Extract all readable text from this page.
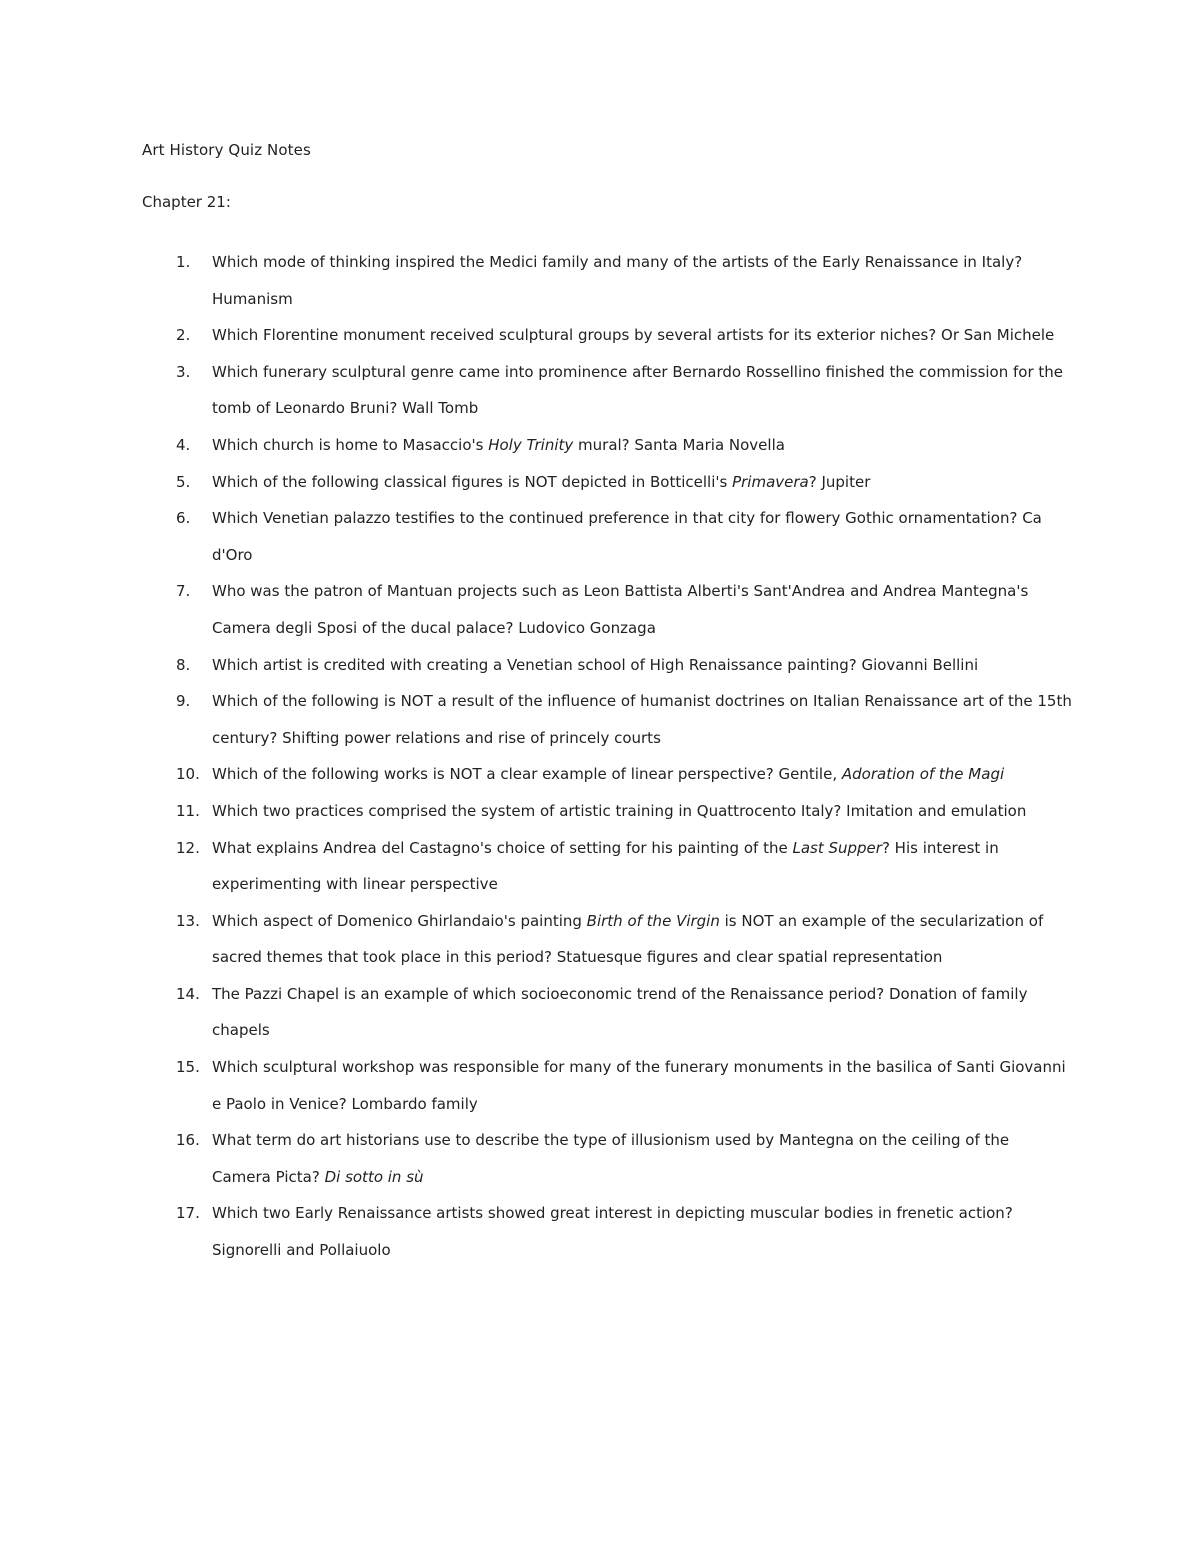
Art History Quiz Notes
Chapter 21:
1. Which mode of thinking inspired the Medici family and many of the artists of the Early Renaissance in Italy? Humanism
2. Which Florentine monument received sculptural groups by several artists for its exterior niches? Or San Michele
3. Which funerary sculptural genre came into prominence after Bernardo Rossellino finished the commission for the tomb of Leonardo Bruni? Wall Tomb
4. Which church is home to Masaccio's Holy Trinity mural? Santa Maria Novella
5. Which of the following classical figures is NOT depicted in Botticelli's Primavera? Jupiter
6. Which Venetian palazzo testifies to the continued preference in that city for flowery Gothic ornamentation? Ca d'Oro
7. Who was the patron of Mantuan projects such as Leon Battista Alberti's Sant'Andrea and Andrea Mantegna's Camera degli Sposi of the ducal palace? Ludovico Gonzaga
8. Which artist is credited with creating a Venetian school of High Renaissance painting? Giovanni Bellini
9. Which of the following is NOT a result of the influence of humanist doctrines on Italian Renaissance art of the 15th century? Shifting power relations and rise of princely courts
10. Which of the following works is NOT a clear example of linear perspective? Gentile, Adoration of the Magi
11. Which two practices comprised the system of artistic training in Quattrocento Italy? Imitation and emulation
12. What explains Andrea del Castagno's choice of setting for his painting of the Last Supper? His interest in experimenting with linear perspective
13. Which aspect of Domenico Ghirlandaio's painting Birth of the Virgin is NOT an example of the secularization of sacred themes that took place in this period? Statuesque figures and clear spatial representation
14. The Pazzi Chapel is an example of which socioeconomic trend of the Renaissance period? Donation of family chapels
15. Which sculptural workshop was responsible for many of the funerary monuments in the basilica of Santi Giovanni e Paolo in Venice? Lombardo family
16. What term do art historians use to describe the type of illusionism used by Mantegna on the ceiling of the Camera Picta? Di sotto in sù
17. Which two Early Renaissance artists showed great interest in depicting muscular bodies in frenetic action? Signorelli and Pollaiuolo
